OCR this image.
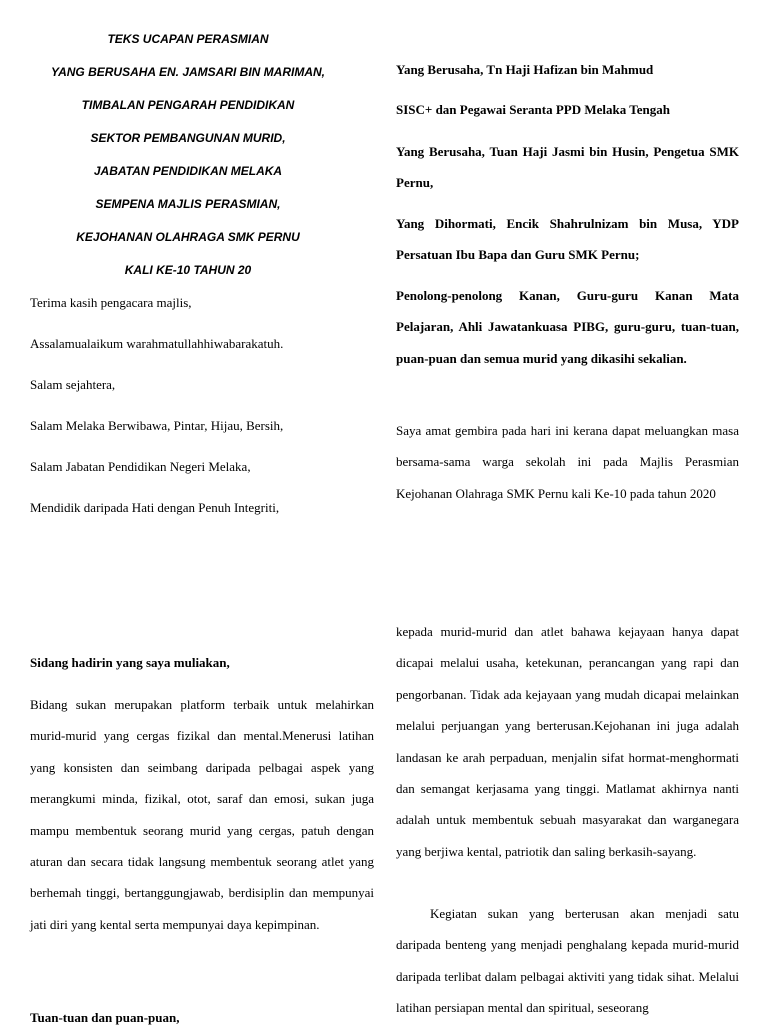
TEKS UCAPAN PERASMIAN
YANG BERUSAHA EN. JAMSARI BIN MARIMAN,
TIMBALAN PENGARAH PENDIDIKAN
SEKTOR PEMBANGUNAN MURID,
JABATAN PENDIDIKAN MELAKA
SEMPENA MAJLIS PERASMIAN,
KEJOHANAN OLAHRAGA SMK PERNU
KALI KE-10 TAHUN 20
Terima kasih pengacara majlis,
Assalamualaikum warahmatullahhiwabarakatuh.
Salam sejahtera,
Salam Melaka Berwibawa, Pintar, Hijau, Bersih,
Salam Jabatan Pendidikan Negeri Melaka,
Mendidik daripada Hati dengan Penuh Integriti,
Sidang hadirin yang saya muliakan,

Bidang sukan merupakan platform terbaik untuk melahirkan murid-murid yang cergas fizikal dan mental.Menerusi latihan yang konsisten dan seimbang daripada pelbagai aspek yang merangkumi minda, fizikal, otot, saraf dan emosi, sukan juga mampu membentuk seorang murid yang cergas, patuh dengan aturan dan secara tidak langsung membentuk seorang atlet yang berhemah tinggi, bertanggungjawab, berdisiplin dan mempunyai jati diri yang kental serta mempunyai daya kepimpinan.

Tuan-tuan dan puan-puan,
Yang Berusaha, Tn Haji Hafizan bin Mahmud
SISC+ dan Pegawai Seranta PPD Melaka Tengah

Yang Berusaha, Tuan Haji Jasmi bin Husin, Pengetua SMK Pernu,

Yang Dihormati, Encik Shahrulnizam bin Musa, YDP Persatuan Ibu Bapa dan Guru SMK Pernu;

Penolong-penolong Kanan, Guru-guru Kanan Mata Pelajaran, Ahli Jawatankuasa PIBG, guru-guru, tuan-tuan, puan-puan dan semua murid yang dikasihi sekalian.

Saya amat gembira pada hari ini kerana dapat meluangkan masa bersama-sama warga sekolah ini pada Majlis Perasmian Kejohanan Olahraga SMK Pernu kali Ke-10 pada tahun 2020

kepada murid-murid dan atlet bahawa kejayaan hanya dapat dicapai melalui usaha, ketekunan, perancangan yang rapi dan pengorbanan. Tidak ada kejayaan yang mudah dicapai melainkan melalui perjuangan yang berterusan.Kejohanan ini juga adalah landasan ke arah perpaduan, menjalin sifat hormat-menghormati dan semangat kerjasama yang tinggi. Matlamat akhirnya nanti adalah untuk membentuk sebuah masyarakat dan warganegara yang berjiwa kental, patriotik dan saling berkasih-sayang.

Kegiatan sukan yang berterusan akan menjadi satu daripada benteng yang menjadi penghalang kepada murid-murid daripada terlibat dalam pelbagai aktiviti yang tidak sihat. Melalui latihan persiapan mental dan spiritual, seseorang
